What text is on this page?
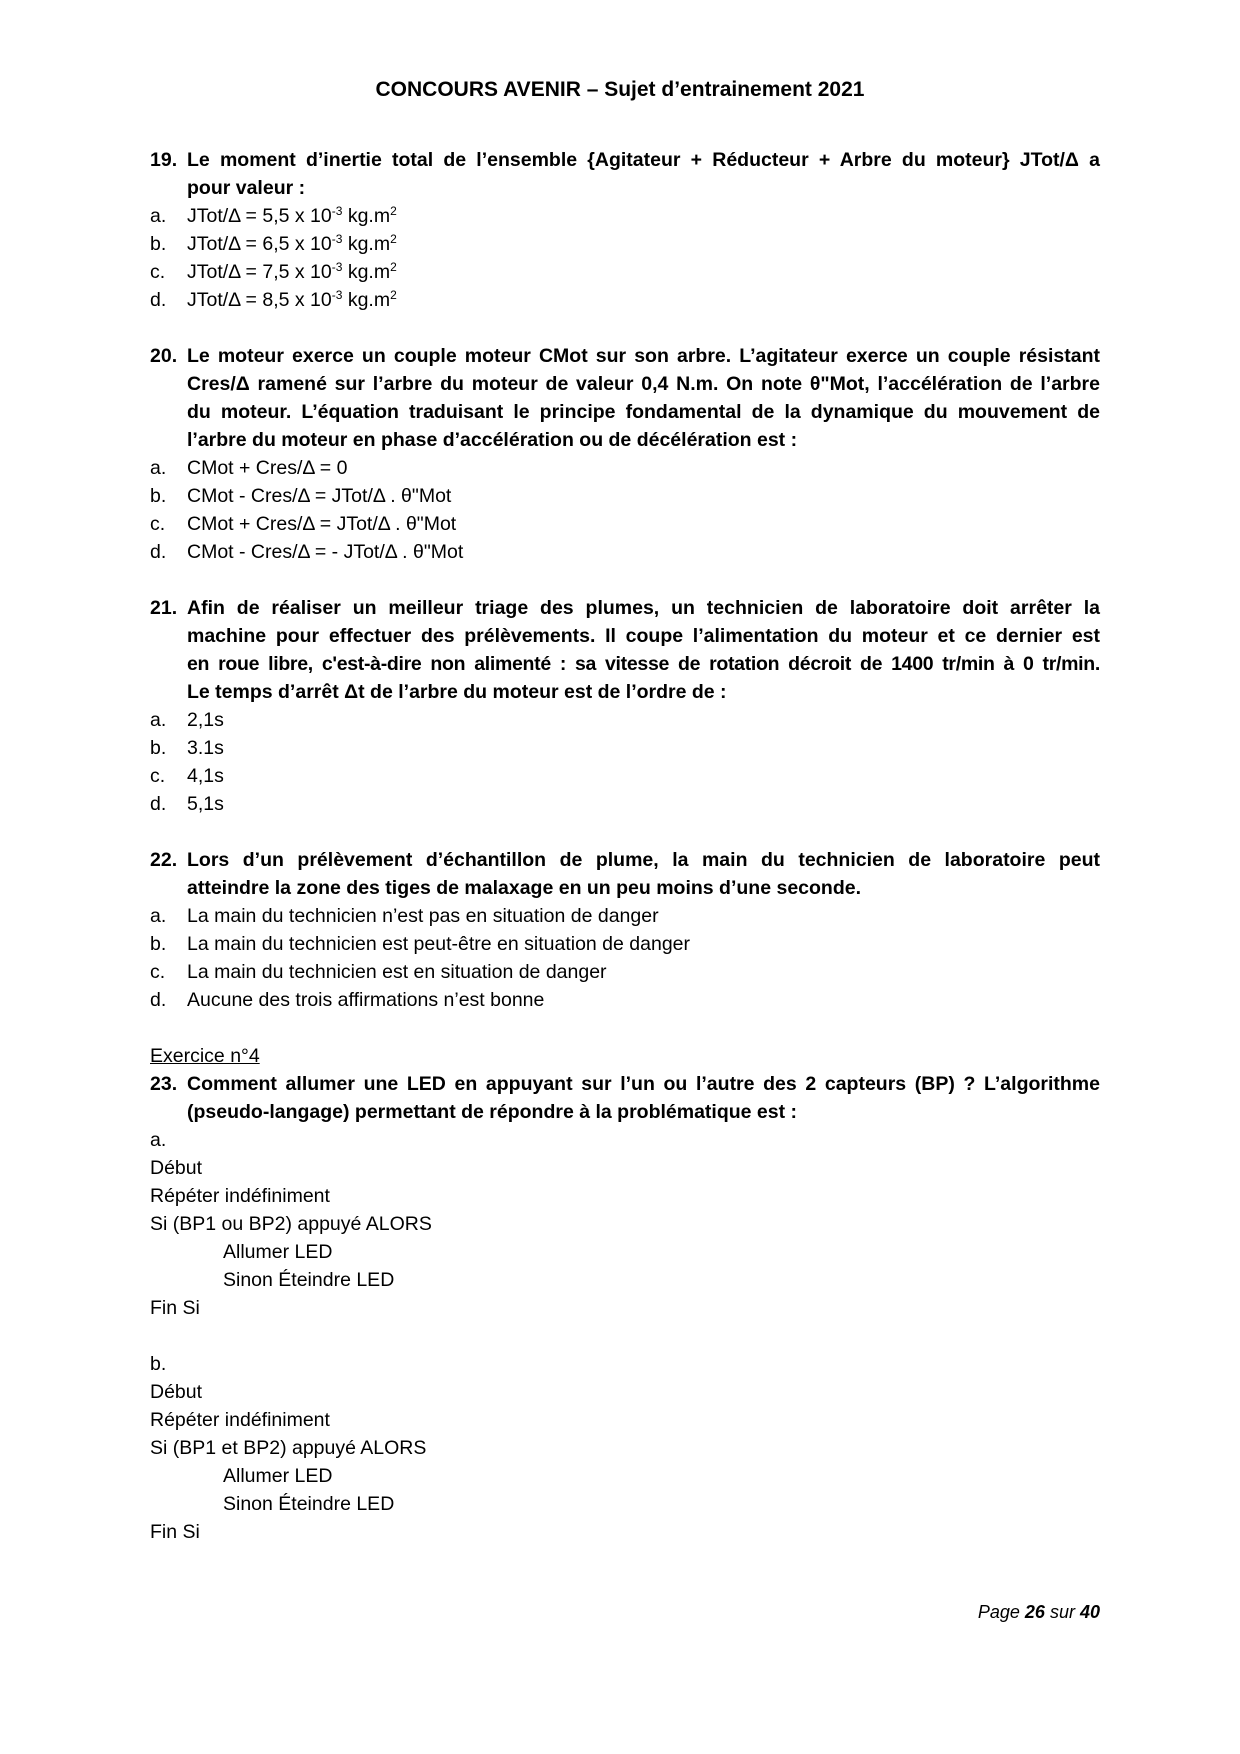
CONCOURS AVENIR – Sujet d’entrainement 2021
19. Le moment d’inertie total de l’ensemble {Agitateur + Réducteur + Arbre du moteur} JTot/Δ a
pour valeur :
a.	JTot/Δ = 5,5 x $10^{-3}$ $kg.m^2$
b.	JTot/Δ = 6,5 x $10^{-3}$ $kg.m^2$
c.	JTot/Δ = 7,5 x $10^{-3}$ $kg.m^2$
d.	JTot/Δ = 8,5 x $10^{-3}$ $kg.m^2$
20. Le moteur exerce un couple moteur CMot sur son arbre. L’agitateur exerce un couple résistant
Cres/Δ ramené sur l’arbre du moteur de valeur 0,4 N.m. On note θ"Mot, l’accélération de l’arbre
du moteur. L’équation traduisant le principe fondamental de la dynamique du mouvement de
l’arbre du moteur en phase d’accélération ou de décélération est :
a.	CMot + Cres/Δ = 0
b.	CMot - Cres/Δ = JTot/Δ . θ"Mot
c.	CMot + Cres/Δ = JTot/Δ . θ"Mot
d.	CMot - Cres/Δ = - JTot/Δ . θ"Mot
21. Afin de réaliser un meilleur triage des plumes, un technicien de laboratoire doit arrêter la
machine pour effectuer des prélèvements. Il coupe l’alimentation du moteur et ce dernier est
en roue libre, c'est-à-dire non alimenté : sa vitesse de rotation décroit de 1400 tr/min à 0 tr/min.
Le temps d’arrêt Δt de l’arbre du moteur est de l’ordre de :
a.	2,1s
b.	3.1s
c.	4,1s
d.	5,1s
22. Lors d’un prélèvement d’échantillon de plume, la main du technicien de laboratoire peut
atteindre la zone des tiges de malaxage en un peu moins d’une seconde.
a.	La main du technicien n’est pas en situation de danger
b.	La main du technicien est peut-être en situation de danger
c.	La main du technicien est en situation de danger
d.	Aucune des trois affirmations n’est bonne
Exercice n°4
23. Comment allumer une LED en appuyant sur l’un ou l’autre des 2 capteurs (BP) ? L’algorithme
(pseudo-langage) permettant de répondre à la problématique est :
a.
Début
Répéter indéfiniment
Si (BP1 ou BP2) appuyé ALORS
Allumer LED
Sinon Éteindre LED
Fin Si
b.
Début
Répéter indéfiniment
Si (BP1 et BP2) appuyé ALORS
Allumer LED
Sinon Éteindre LED
Fin Si
Page 26 sur 40
